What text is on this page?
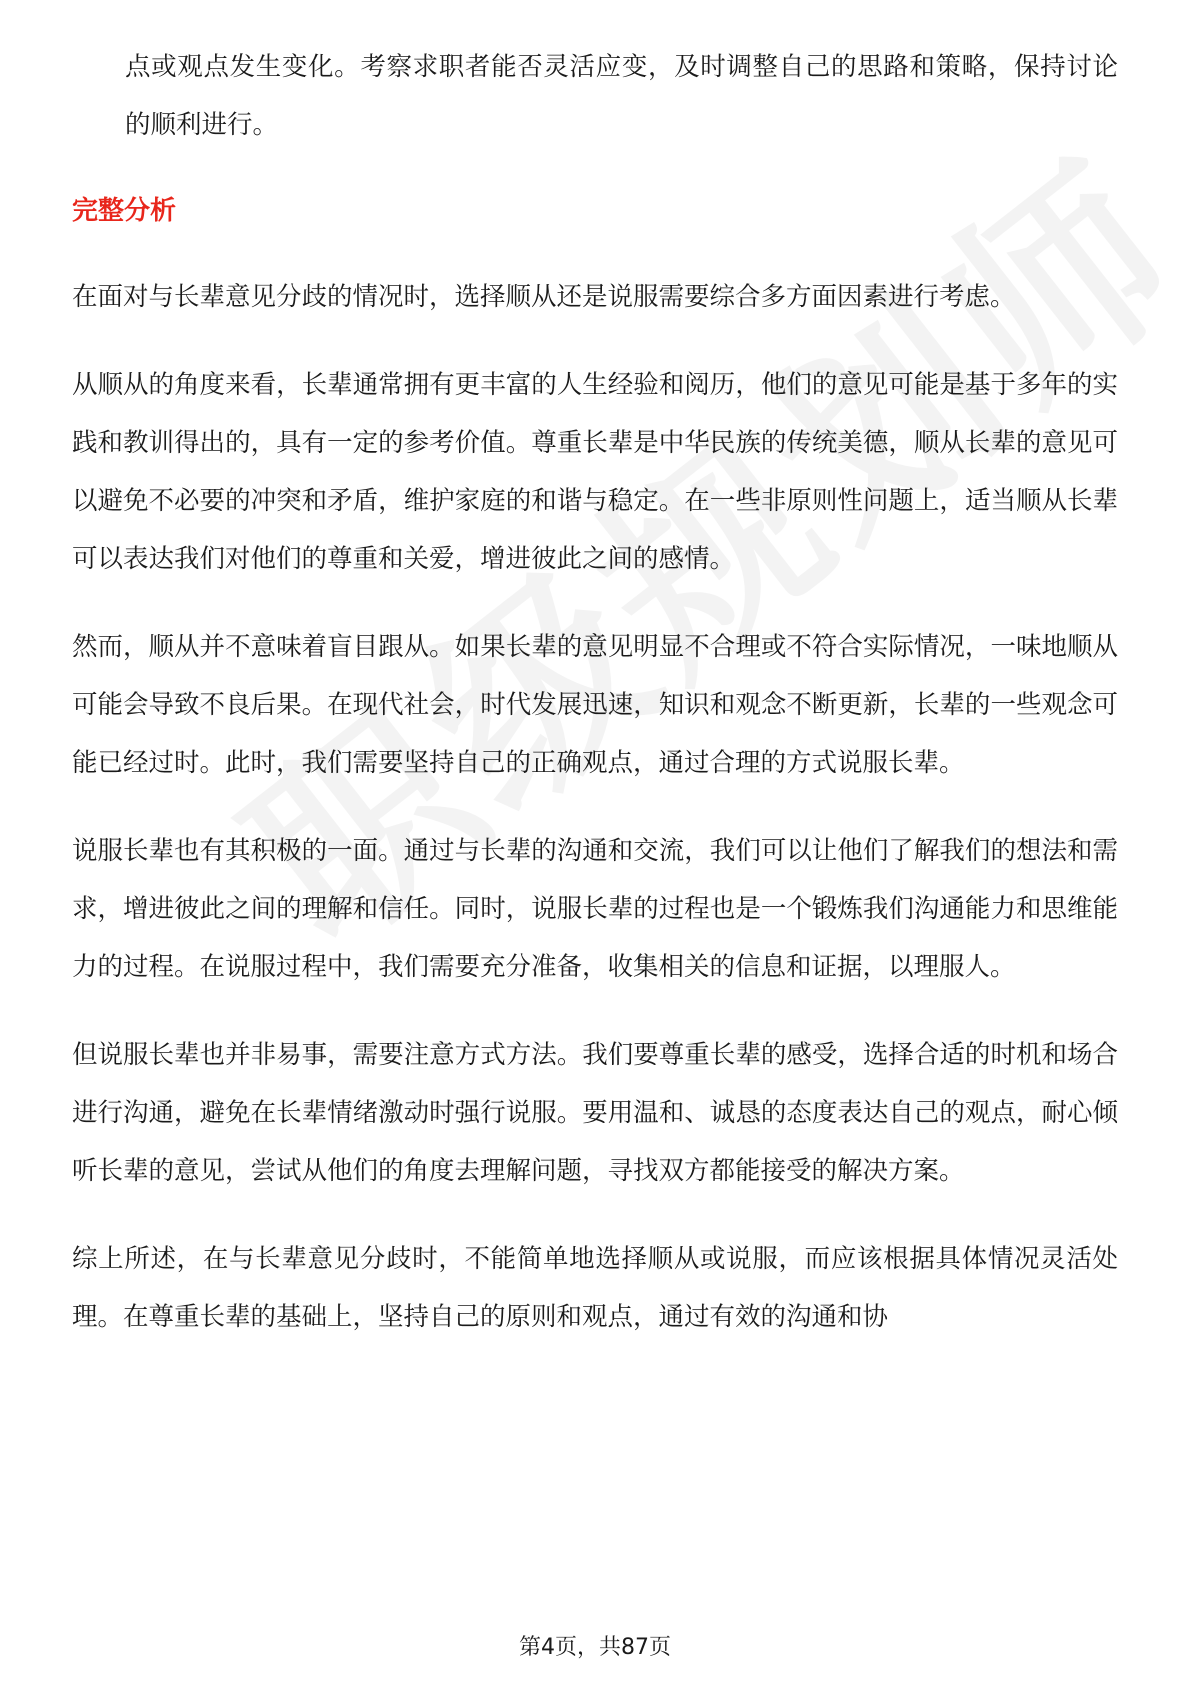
点或观点发生变化。考察求职者能否灵活应变，及时调整自己的思路和策略，保持讨论的顺利进行。

完整分析

在面对与长辈意见分歧的情况时，选择顺从还是说服需要综合多方面因素进行考虑。

从顺从的角度来看，长辈通常拥有更丰富的人生经验和阅历，他们的意见可能是基于多年的实践和教训得出的，具有一定的参考价值。尊重长辈是中华民族的传统美德，顺从长辈的意见可以避免不必要的冲突和矛盾，维护家庭的和谐与稳定。在一些非原则性问题上，适当顺从长辈可以表达我们对他们的尊重和关爱，增进彼此之间的感情。

然而，顺从并不意味着盲目跟从。如果长辈的意见明显不合理或不符合实际情况，一味地顺从可能会导致不良后果。在现代社会，时代发展迅速，知识和观念不断更新，长辈的一些观念可能已经过时。此时，我们需要坚持自己的正确观点，通过合理的方式说服长辈。

说服长辈也有其积极的一面。通过与长辈的沟通和交流，我们可以让他们了解我们的想法和需求，增进彼此之间的理解和信任。同时，说服长辈的过程也是一个锻炼我们沟通能力和思维能力的过程。在说服过程中，我们需要充分准备，收集相关的信息和证据，以理服人。

但说服长辈也并非易事，需要注意方式方法。我们要尊重长辈的感受，选择合适的时机和场合进行沟通，避免在长辈情绪激动时强行说服。要用温和、诚恳的态度表达自己的观点，耐心倾听长辈的意见，尝试从他们的角度去理解问题，寻找双方都能接受的解决方案。

综上所述，在与长辈意见分歧时，不能简单地选择顺从或说服，而应该根据具体情况灵活处理。在尊重长辈的基础上，坚持自己的原则和观点，通过有效的沟通和协

第4页，共87页
